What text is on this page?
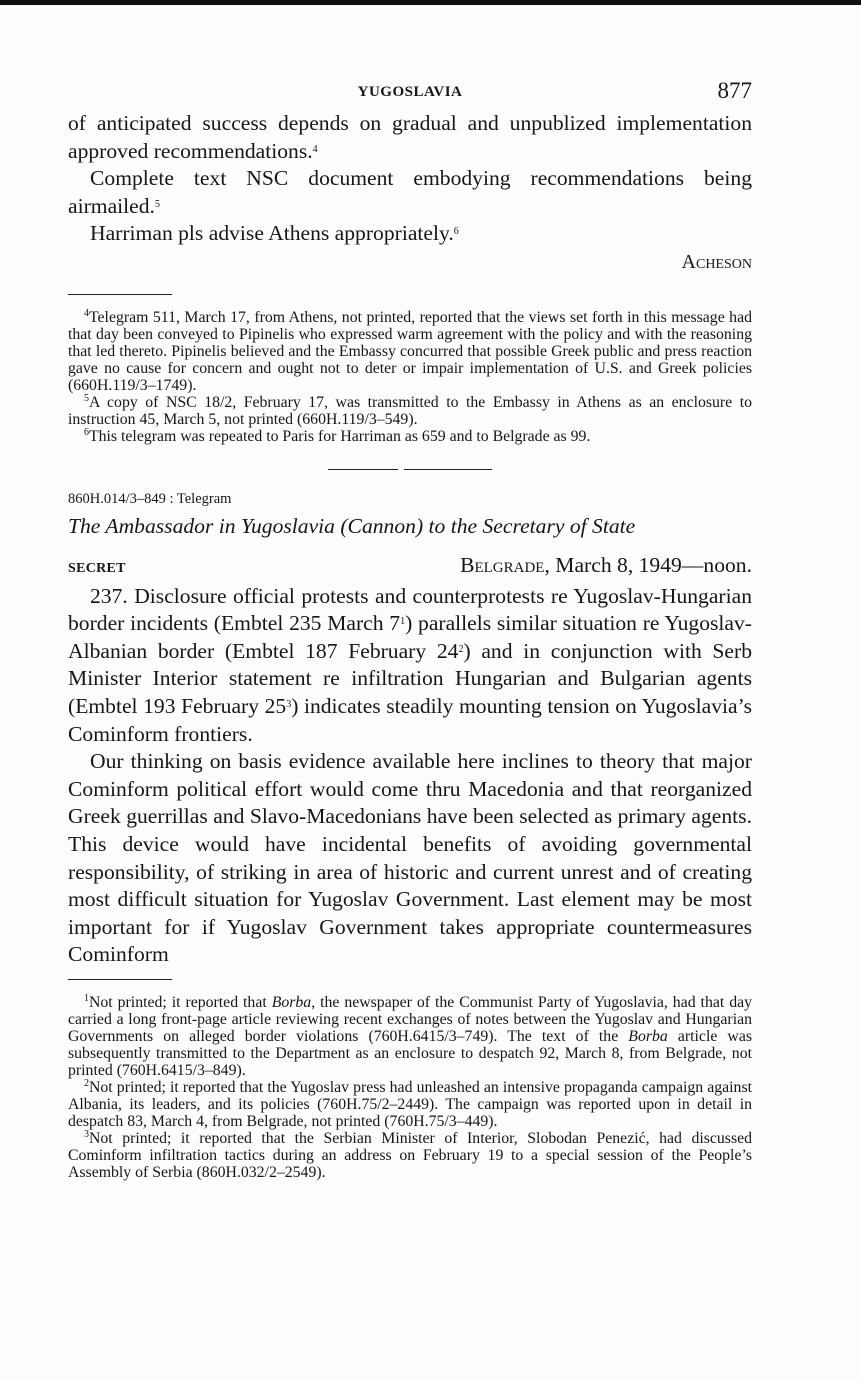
YUGOSLAVIA	877

of anticipated success depends on gradual and unpublized implementation approved recommendations.$^4$

Complete text NSC document embodying recommendations being airmailed.$^5$

Harriman pls advise Athens appropriately.$^6$

Acheson

$^4$Telegram 511, March 17, from Athens, not printed, reported that the views set forth in this message had that day been conveyed to Pipinelis who expressed warm agreement with the policy and with the reasoning that led thereto. Pipinelis believed and the Embassy concurred that possible Greek public and press reaction gave no cause for concern and ought not to deter or impair implementation of U.S. and Greek policies (660H.119/3–1749).

$^5$A copy of NSC 18/2, February 17, was transmitted to the Embassy in Athens as an enclosure to instruction 45, March 5, not printed (660H.119/3–549).

$^6$This telegram was repeated to Paris for Harriman as 659 and to Belgrade as 99.

860H.014/3–849 : Telegram
The Ambassador in Yugoslavia (Cannon) to the Secretary of State
SECRET	Belgrade, March 8, 1949—noon.

237. Disclosure official protests and counterprotests re Yugoslav-Hungarian border incidents (Embtel 235 March $7^1$) parallels similar situation re Yugoslav-Albanian border (Embtel 187 February $24^2$) and in conjunction with Serb Minister Interior statement re infiltration Hungarian and Bulgarian agents (Embtel 193 February $25^3$) indicates steadily mounting tension on Yugoslavia’s Cominform frontiers.

Our thinking on basis evidence available here inclines to theory that major Cominform political effort would come thru Macedonia and that reorganized Greek guerrillas and Slavo-Macedonians have been selected as primary agents. This device would have incidental benefits of avoiding governmental responsibility, of striking in area of historic and current unrest and of creating most difficult situation for Yugoslav Government. Last element may be most important for if Yugoslav Government takes appropriate countermeasures Cominform

$^1$Not printed; it reported that Borba, the newspaper of the Communist Party of Yugoslavia, had that day carried a long front-page article reviewing recent exchanges of notes between the Yugoslav and Hungarian Governments on alleged border violations (760H.6415/3–749). The text of the Borba article was subsequently transmitted to the Department as an enclosure to despatch 92, March 8, from Belgrade, not printed (760H.6415/3–849).

$^2$Not printed; it reported that the Yugoslav press had unleashed an intensive propaganda campaign against Albania, its leaders, and its policies (760H.75/2–2449). The campaign was reported upon in detail in despatch 83, March 4, from Belgrade, not printed (760H.75/3–449).

$^3$Not printed; it reported that the Serbian Minister of Interior, Slobodan Penezić, had discussed Cominform infiltration tactics during an address on February 19 to a special session of the People’s Assembly of Serbia (860H.032/2–2549).
